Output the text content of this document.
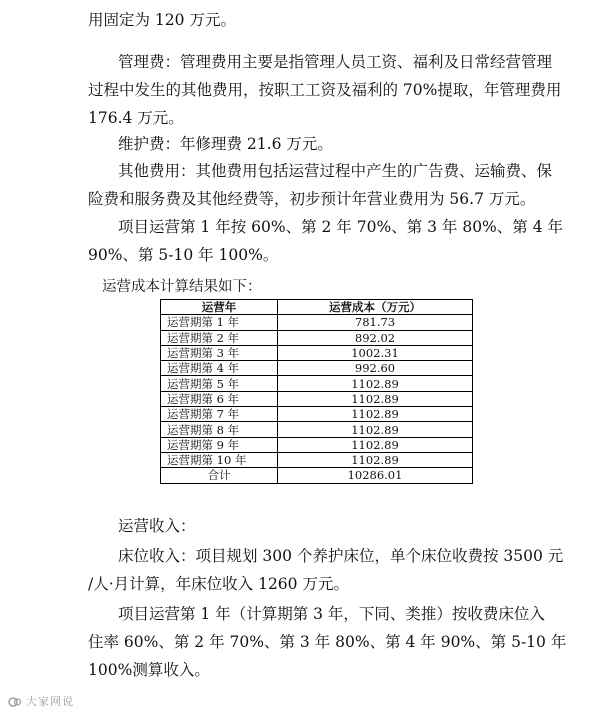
用固定为 120 万元。
管理费：管理费用主要是指管理人员工资、福利及日常经营管理
过程中发生的其他费用，按职工工资及福利的 70%提取，年管理费用
176.4 万元。
维护费：年修理费 21.6 万元。
其他费用：其他费用包括运营过程中产生的广告费、运输费、保
险费和服务费及其他经费等，初步预计年营业费用为 56.7 万元。
项目运营第 1 年按 60%、第 2 年 70%、第 3 年 80%、第 4 年
90%、第 5-10 年 100%。
运营成本计算结果如下：
运营年	运营成本（万元）
运营期第 1 年	781.73
运营期第 2 年	892.02
运营期第 3 年	1002.31
运营期第 4 年	992.60
运营期第 5 年	1102.89
运营期第 6 年	1102.89
运营期第 7 年	1102.89
运营期第 8 年	1102.89
运营期第 9 年	1102.89
运营期第 10 年	1102.89
合计	10286.01
运营收入：
床位收入：项目规划 300 个养护床位，单个床位收费按 3500 元
/人·月计算，年床位收入 1260 万元。
项目运营第 1 年（计算期第 3 年，下同、类推）按收费床位入
住率 60%、第 2 年 70%、第 3 年 80%、第 4 年 90%、第 5-10 年
100%测算收入。
大家网说
